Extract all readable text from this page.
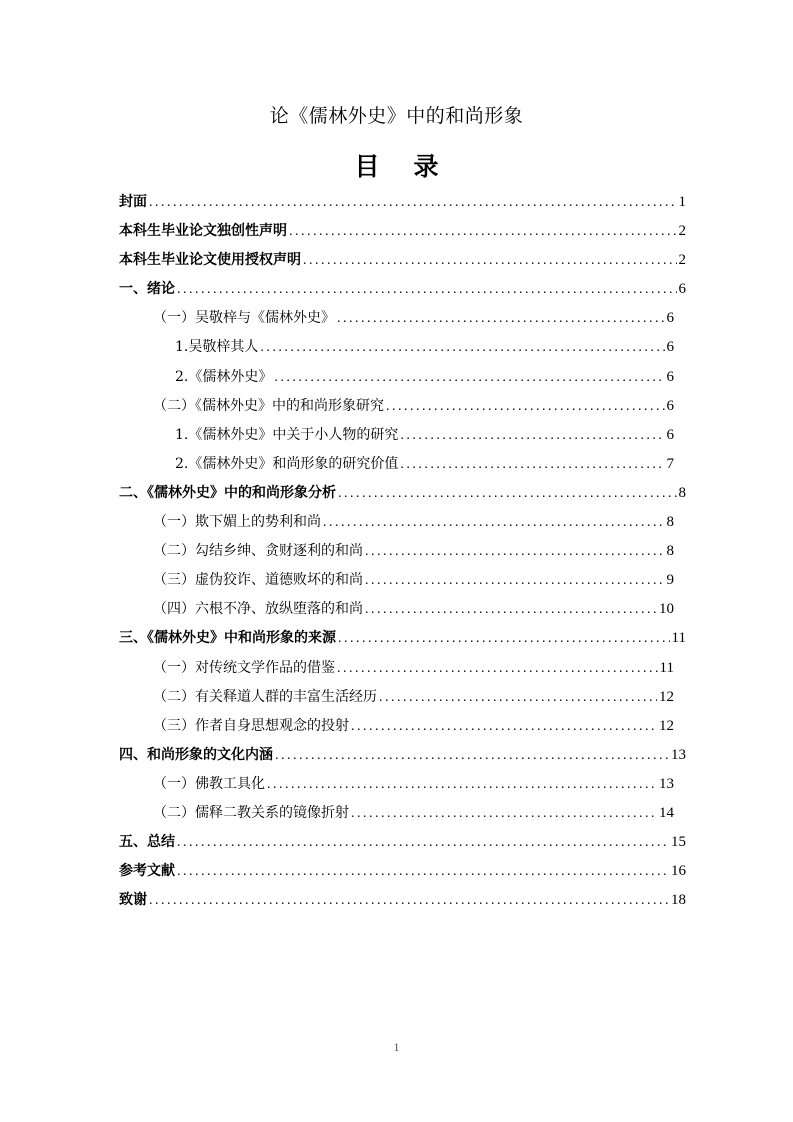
论《儒林外史》中的和尚形象
目 录
封面 . . .	1
本科生毕业论文独创性声明 . . .	2
本科生毕业论文使用授权声明 . . .	2
一、绪论 . . .	6
（一）吴敬梓与《儒林外史》 . . .	6
1.吴敬梓其人 . . .	6
2.《儒林外史》 . . .	6
（二）《儒林外史》中的和尚形象研究 . . .	6
1.《儒林外史》中关于小人物的研究 . . .	6
2.《儒林外史》和尚形象的研究价值 . . .	7
二、《儒林外史》中的和尚形象分析 . . .	8
（一）欺下媚上的势利和尚 . . .	8
（二）勾结乡绅、贪财逐利的和尚 . . .	8
（三）虚伪狡诈、道德败坏的和尚 . . .	9
（四）六根不净、放纵堕落的和尚 . . .	10
三、《儒林外史》中和尚形象的来源 . . .	11
（一）对传统文学作品的借鉴 . . .	11
（二）有关释道人群的丰富生活经历 . . .	12
（三）作者自身思想观念的投射 . . .	12
四、和尚形象的文化内涵 . . .	13
（一）佛教工具化 . . .	13
（二）儒释二教关系的镜像折射 . . .	14
五、总结 . . .	15
参考文献 . . .	16
致谢 . . .	18
1
